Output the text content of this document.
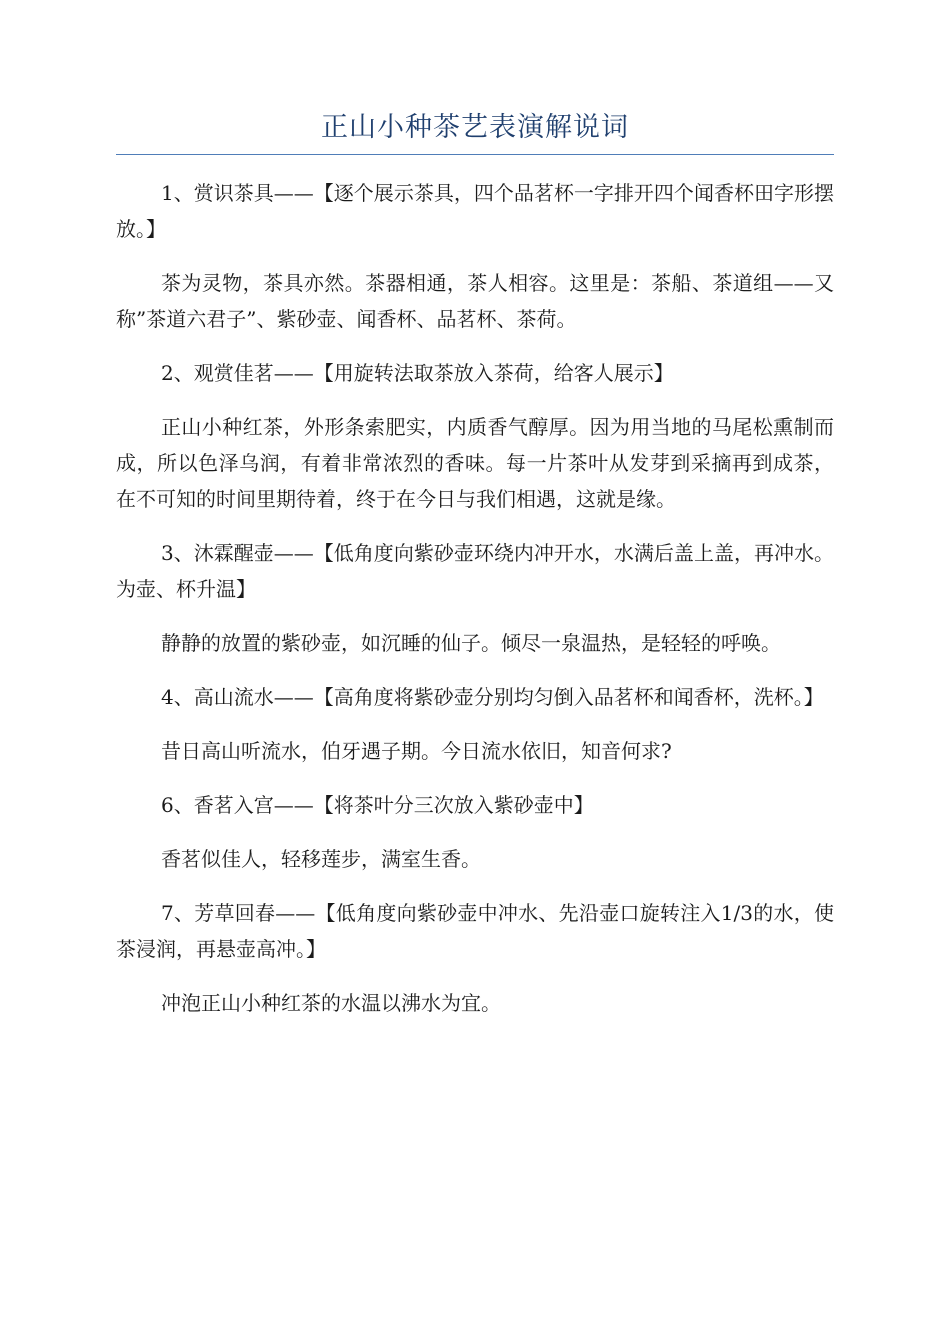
正山小种茶艺表演解说词

1、赏识茶具——【逐个展示茶具，四个品茗杯一字排开四个闻香杯田字形摆放。】

茶为灵物，茶具亦然。茶器相通，茶人相容。这里是：茶船、茶道组——又称”茶道六君子”、紫砂壶、闻香杯、品茗杯、茶荷。

2、观赏佳茗——【用旋转法取茶放入茶荷，给客人展示】

正山小种红茶，外形条索肥实，内质香气醇厚。因为用当地的马尾松熏制而成，所以色泽乌润，有着非常浓烈的香味。每一片茶叶从发芽到采摘再到成茶，在不可知的时间里期待着，终于在今日与我们相遇，这就是缘。

3、沐霖醒壶——【低角度向紫砂壶环绕内冲开水，水满后盖上盖，再冲水。为壶、杯升温】

静静的放置的紫砂壶，如沉睡的仙子。倾尽一泉温热，是轻轻的呼唤。

4、高山流水——【高角度将紫砂壶分别均匀倒入品茗杯和闻香杯，洗杯。】

昔日高山听流水，伯牙遇子期。今日流水依旧，知音何求?

6、香茗入宫——【将茶叶分三次放入紫砂壶中】

香茗似佳人，轻移莲步，满室生香。

7、芳草回春——【低角度向紫砂壶中冲水、先沿壶口旋转注入1/3的水，使茶浸润，再悬壶高冲。】

冲泡正山小种红茶的水温以沸水为宜。
